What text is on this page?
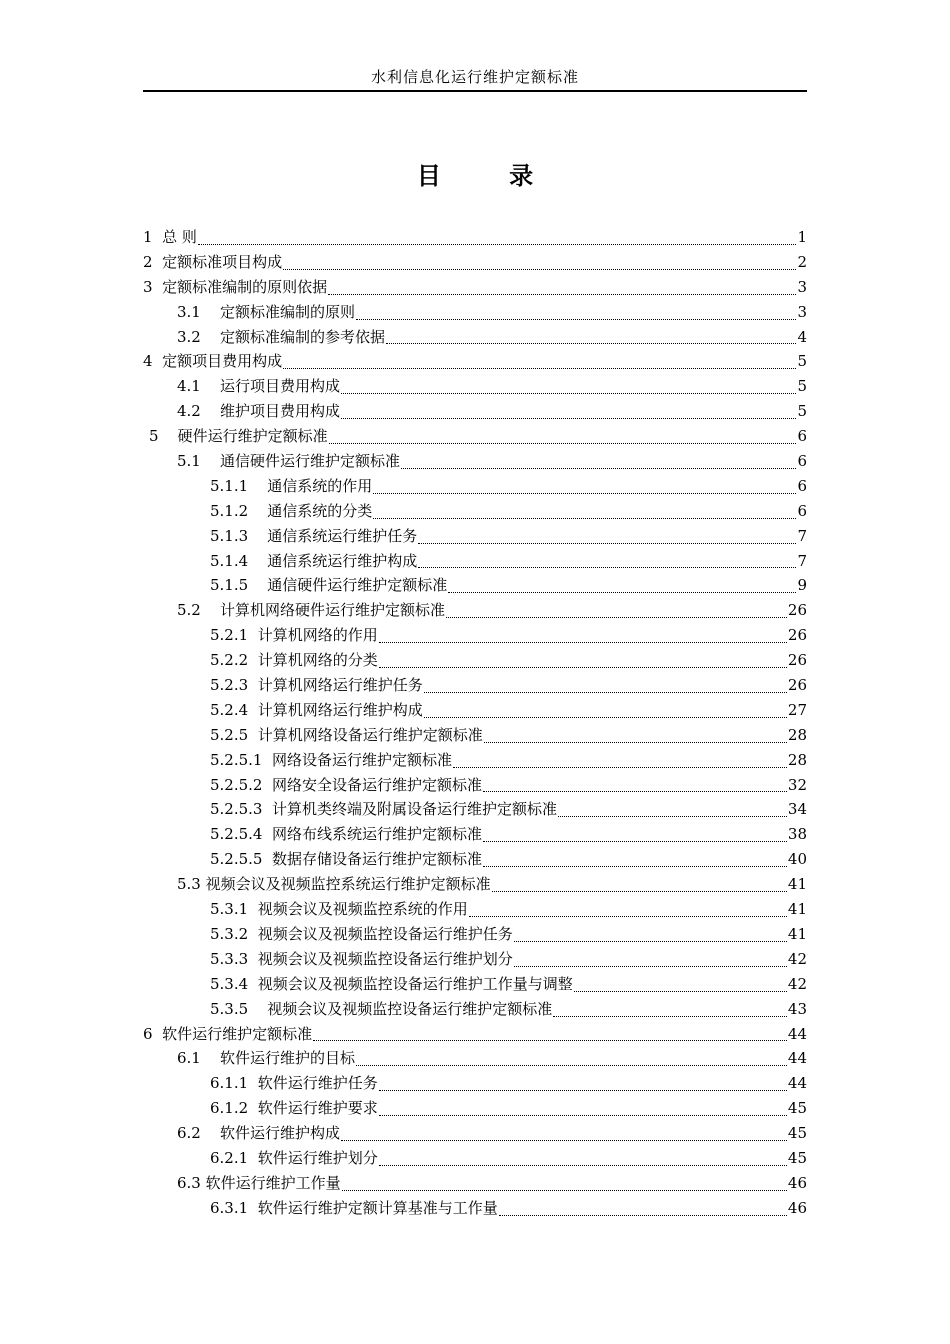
水利信息化运行维护定额标准
目 录
1 总 则	1
2 定额标准项目构成	2
3 定额标准编制的原则依据	3
3.1 定额标准编制的原则	3
3.2 定额标准编制的参考依据	4
4 定额项目费用构成	5
4.1 运行项目费用构成	5
4.2 维护项目费用构成	5
5 硬件运行维护定额标准	6
5.1 通信硬件运行维护定额标准	6
5.1.1 通信系统的作用	6
5.1.2 通信系统的分类	6
5.1.3 通信系统运行维护任务	7
5.1.4 通信系统运行维护构成	7
5.1.5 通信硬件运行维护定额标准	9
5.2 计算机网络硬件运行维护定额标准	26
5.2.1 计算机网络的作用	26
5.2.2 计算机网络的分类	26
5.2.3 计算机网络运行维护任务	26
5.2.4 计算机网络运行维护构成	27
5.2.5 计算机网络设备运行维护定额标准	28
5.2.5.1 网络设备运行维护定额标准	28
5.2.5.2 网络安全设备运行维护定额标准	32
5.2.5.3 计算机类终端及附属设备运行维护定额标准	34
5.2.5.4 网络布线系统运行维护定额标准	38
5.2.5.5 数据存储设备运行维护定额标准	40
5.3 视频会议及视频监控系统运行维护定额标准	41
5.3.1 视频会议及视频监控系统的作用	41
5.3.2 视频会议及视频监控设备运行维护任务	41
5.3.3 视频会议及视频监控设备运行维护划分	42
5.3.4 视频会议及视频监控设备运行维护工作量与调整	42
5.3.5 视频会议及视频监控设备运行维护定额标准	43
6 软件运行维护定额标准	44
6.1 软件运行维护的目标	44
6.1.1 软件运行维护任务	44
6.1.2 软件运行维护要求	45
6.2 软件运行维护构成	45
6.2.1 软件运行维护划分	45
6.3 软件运行维护工作量	46
6.3.1 软件运行维护定额计算基准与工作量	46
